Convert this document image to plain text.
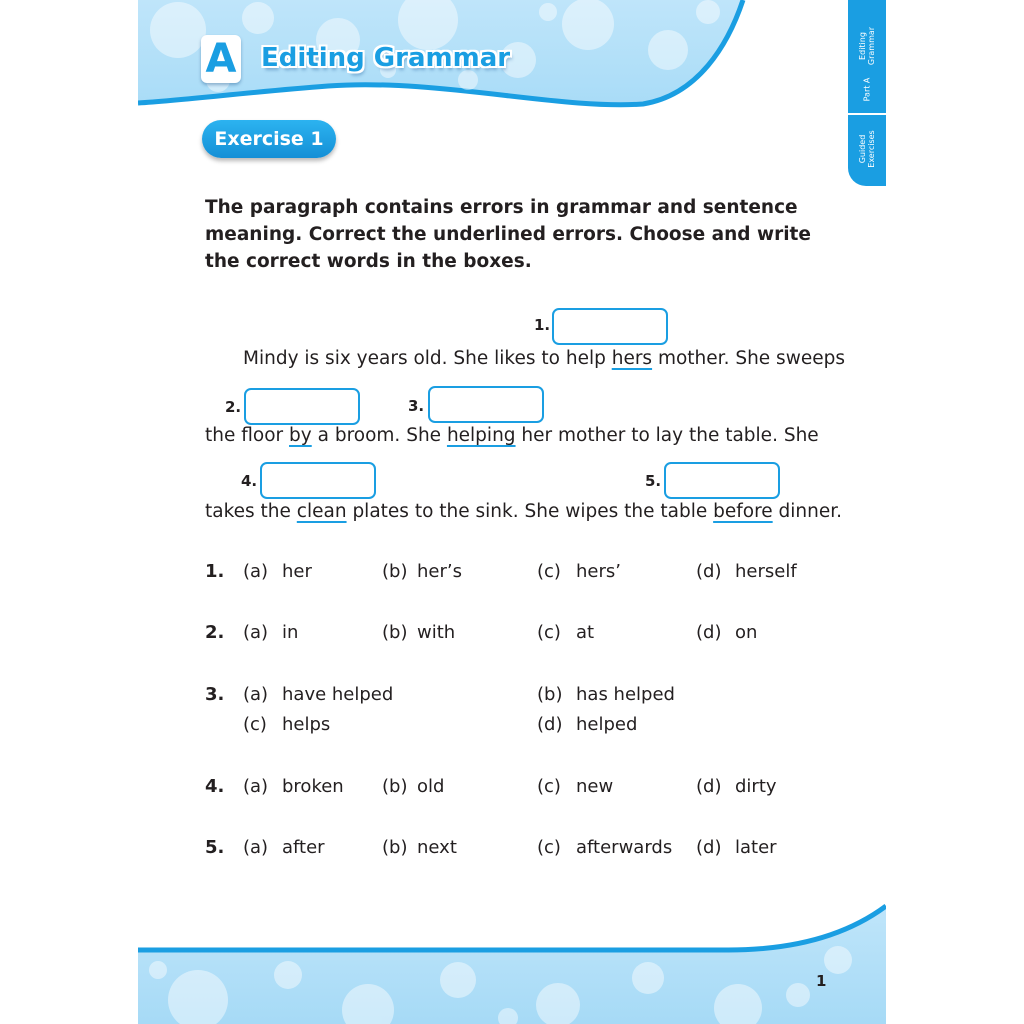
A Editing Grammar	Editing
Grammar
Part A
Guided
Exercises
Exercise 1
The paragraph contains errors in grammar and sentence meaning. Correct the underlined errors. Choose and write the correct words in the boxes.
1.
2.	3.
4.	5.
Mindy is six years old. She likes to help hers mother. She sweeps
the floor by a broom. She helping her mother to lay the table. She
takes the clean plates to the sink. She wipes the table before dinner.
1. (a) her	(b) her’s	(c) hers’	(d) herself
2. (a) in	(b) with	(c) at	(d) on
3. (a) have helped	(b) has helped
(c) helps	(d) helped
4. (a) broken (b) old	(c) new	(d) dirty
5. (a) after	(b) next	(c) afterwards (d) later
1
